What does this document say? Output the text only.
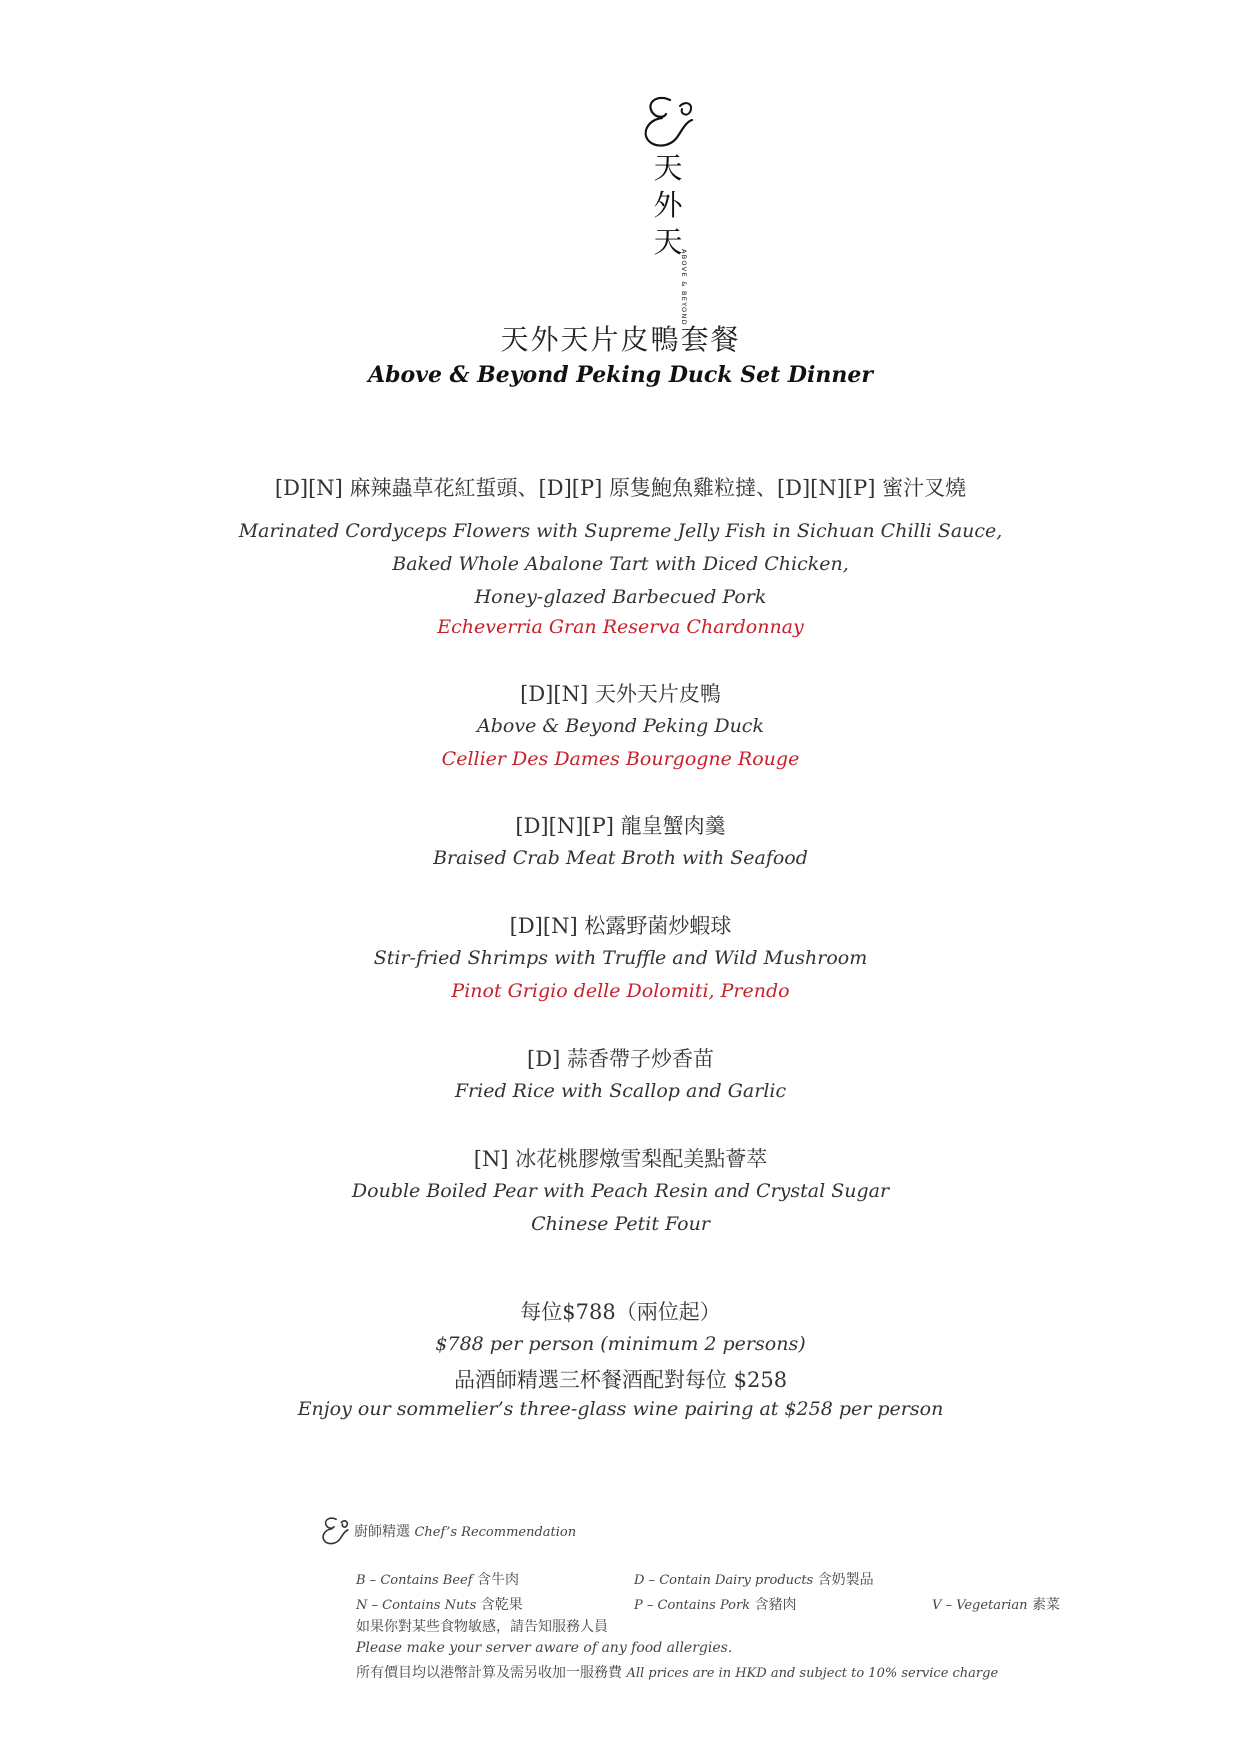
天
外
天
ABOVE & BEYOND
天外天片皮鴨套餐
Above & Beyond Peking Duck Set Dinner
[D][N] 麻辣蟲草花紅蜇頭、[D][P] 原隻鮑魚雞粒撻、[D][N][P] 蜜汁叉燒
Marinated Cordyceps Flowers with Supreme Jelly Fish in Sichuan Chilli Sauce,
Baked Whole Abalone Tart with Diced Chicken,
Honey-glazed Barbecued Pork
Echeverria Gran Reserva Chardonnay
[D][N] 天外天片皮鴨
Above & Beyond Peking Duck
Cellier Des Dames Bourgogne Rouge
[D][N][P] 龍皇蟹肉羹
Braised Crab Meat Broth with Seafood
[D][N] 松露野菌炒蝦球
Stir-fried Shrimps with Truffle and Wild Mushroom
Pinot Grigio delle Dolomiti, Prendo
[D] 蒜香帶子炒香苗
Fried Rice with Scallop and Garlic
[N] 冰花桃膠燉雪梨配美點薈萃
Double Boiled Pear with Peach Resin and Crystal Sugar
Chinese Petit Four
每位$788（兩位起）
$788 per person (minimum 2 persons)
品酒師精選三杯餐酒配對每位 $258
Enjoy our sommelier’s three-glass wine pairing at $258 per person
廚師精選 Chef’s Recommendation
B – Contains Beef 含牛肉	D – Contain Dairy products 含奶製品
N – Contains Nuts 含乾果	P – Contains Pork 含豬肉	V – Vegetarian 素菜
如果你對某些食物敏感，請告知服務人員
Please make your server aware of any food allergies.
所有價目均以港幣計算及需另收加一服務費 All prices are in HKD and subject to 10% service charge
